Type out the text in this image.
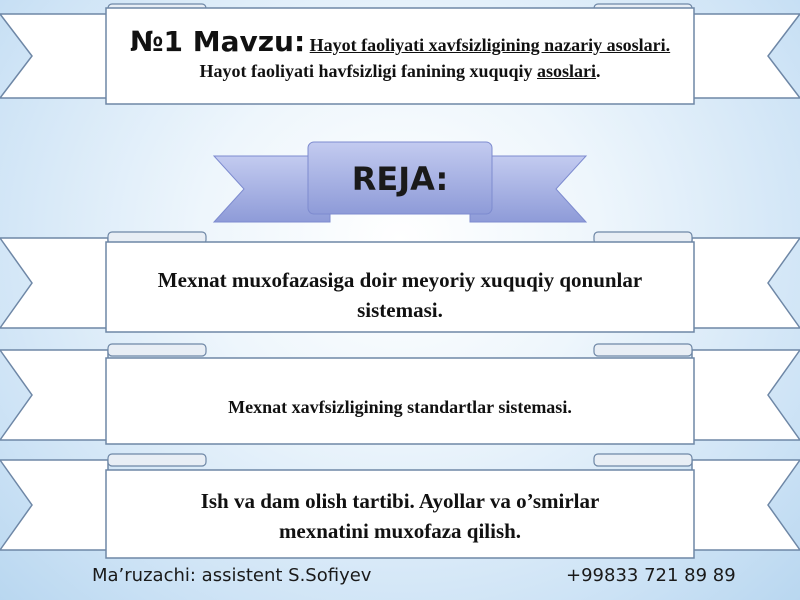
№1 Mavzu: Hayot faoliyati xavfsizligining nazariy asoslari. Hayot faoliyati havfsizligi fanining xuquqiy asoslari.
REJA:
Mexnat muxofazasiga doir meyoriy xuquqiy qonunlar
sistemasi.
Mexnat xavfsizligining standartlar sistemasi.
Ish va dam olish tartibi. Ayollar va o’smirlar
mexnatini muxofaza qilish.
Ma’ruzachi: assistent S.Sofiyev	+99833 721 89 89
